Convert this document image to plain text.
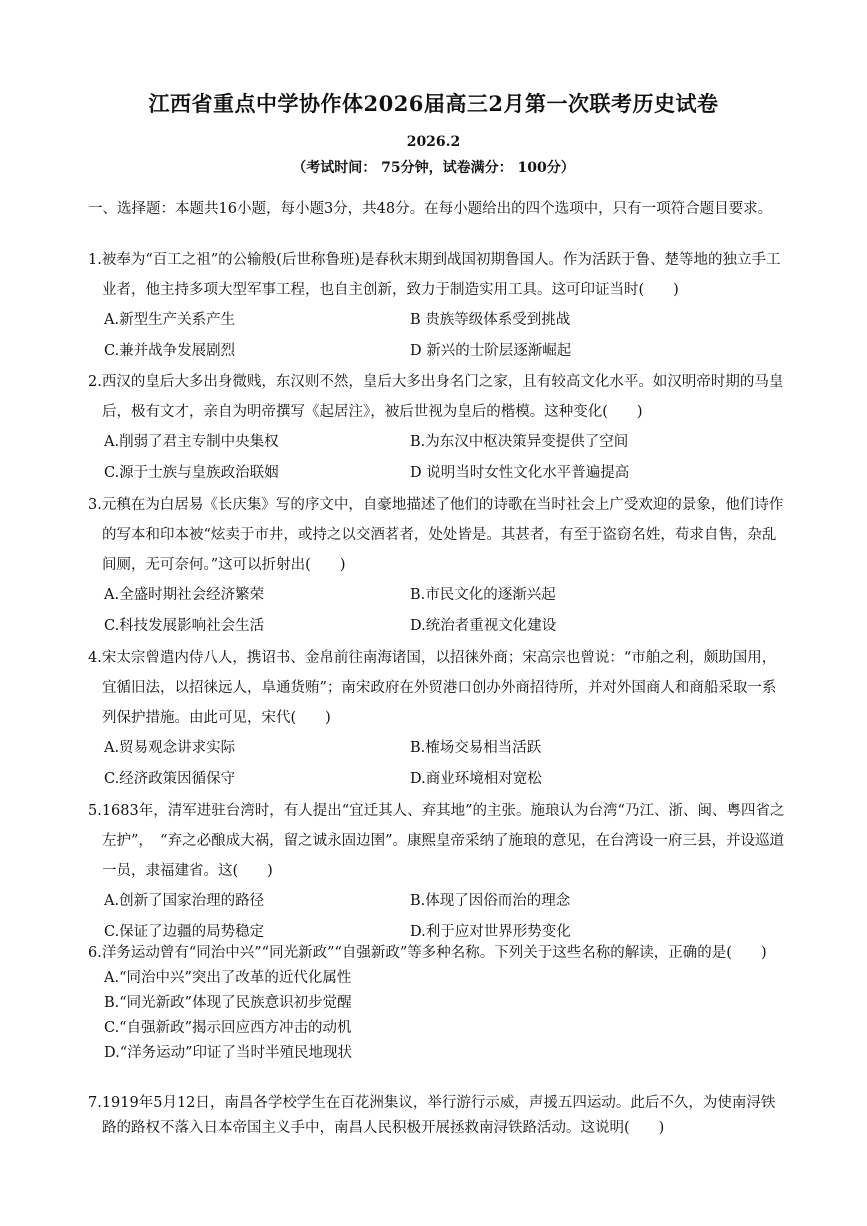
江西省重点中学协作体2026届高三2月第一次联考历史试卷
2026.2
（考试时间： 75分钟，试卷满分： 100分）
一、选择题：本题共16小题，每小题3分，共48分。在每小题给出的四个选项中，只有一项符合题目要求。

1.被奉为“百工之祖”的公输般(后世称鲁班)是春秋末期到战国初期鲁国人。作为活跃于鲁、楚等地的独立手工业者，他主持多项大型军事工程，也自主创新，致力于制造实用工具。这可印证当时(　　)

A.新型生产关系产生	B 贵族等级体系受到挑战
C.兼并战争发展剧烈	D 新兴的士阶层逐渐崛起

2.西汉的皇后大多出身微贱，东汉则不然，皇后大多出身名门之家，且有较高文化水平。如汉明帝时期的马皇后，极有文才，亲自为明帝撰写《起居注》，被后世视为皇后的楷模。这种变化(　　)

A.削弱了君主专制中央集权	B.为东汉中枢决策异变提供了空间
C.源于士族与皇族政治联姻	D 说明当时女性文化水平普遍提高

3.元稹在为白居易《长庆集》写的序文中，自豪地描述了他们的诗歌在当时社会上广受欢迎的景象，他们诗作的写本和印本被“炫卖于市井，或持之以交酒茗者，处处皆是。其甚者，有至于盗窃名姓，苟求自售，杂乱间厕，无可奈何。”这可以折射出(　　)

A.全盛时期社会经济繁荣	B.市民文化的逐渐兴起
C.科技发展影响社会生活	D.统治者重视文化建设

4.宋太宗曾遣内侍八人，携诏书、金帛前往南海诸国，以招徕外商；宋高宗也曾说：“市舶之利，颇助国用，宜循旧法，以招徕远人，阜通货贿”；南宋政府在外贸港口创办外商招待所，并对外国商人和商船采取一系列保护措施。由此可见，宋代(　　)

A.贸易观念讲求实际	B.榷场交易相当活跃
C.经济政策因循保守	D.商业环境相对宽松

5.1683年，清军进驻台湾时，有人提出“宜迁其人、弃其地”的主张。施琅认为台湾“乃江、浙、闽、粤四省之左护”，　“弃之必酿成大祸，留之诚永固边圉”。康熙皇帝采纳了施琅的意见，在台湾设一府三县，并设巡道一员，隶福建省。这(　　)

A.创新了国家治理的路径	B.体现了因俗而治的理念
C.保证了边疆的局势稳定	D.利于应对世界形势变化

6.洋务运动曾有“同治中兴”“同光新政”“自强新政”等多种名称。下列关于这些名称的解读，正确的是(　　)

A.“同治中兴”突出了改革的近代化属性
B.“同光新政”体现了民族意识初步觉醒
C.“自强新政”揭示回应西方冲击的动机
D.“洋务运动”印证了当时半殖民地现状

7.1919年5月12日，南昌各学校学生在百花洲集议，举行游行示威，声援五四运动。此后不久，为使南浔铁路的路权不落入日本帝国主义手中，南昌人民积极开展拯救南浔铁路活动。这说明(　　)
